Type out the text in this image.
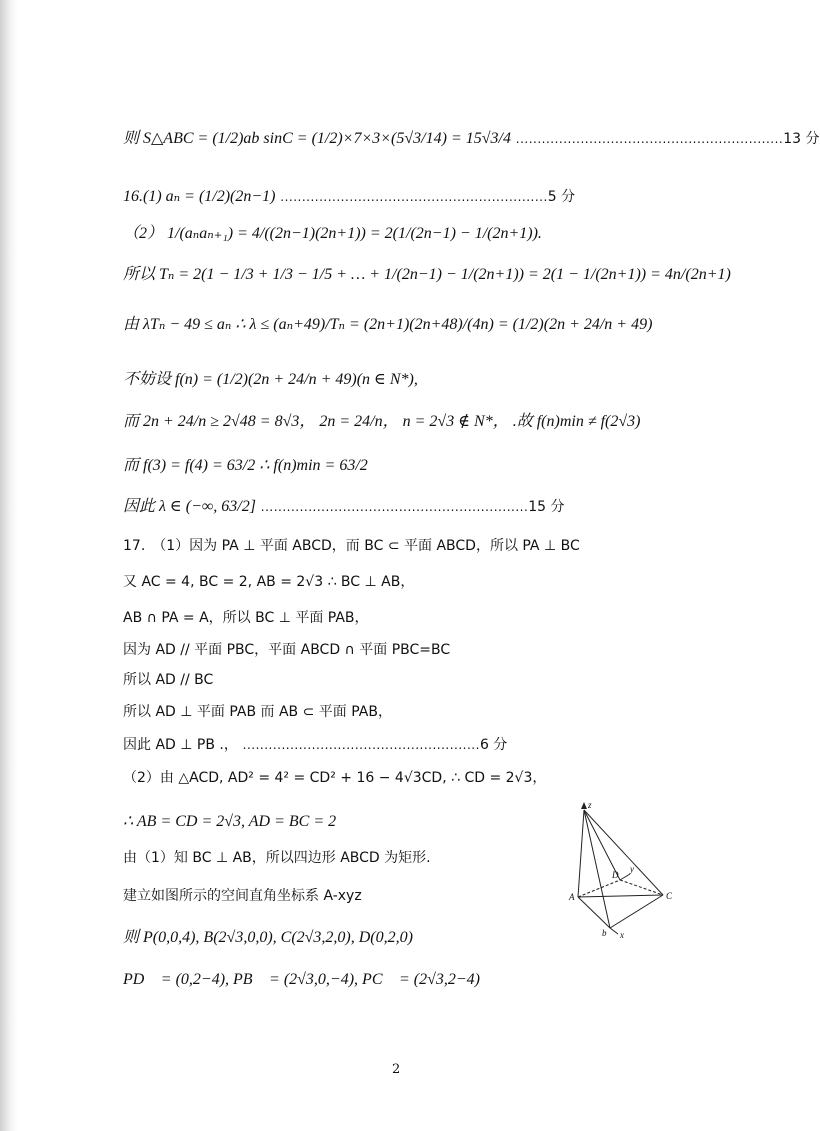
则 S△ABC = (1/2)ab sinC = (1/2)×7×3×(5√3/14) = 15√3/4 ..............................................................13 分
16.(1) aₙ = (1/2)(2n−1) ..............................................................5 分
（2） 1/(aₙaₙ₊₁) = 4/((2n−1)(2n+1)) = 2(1/(2n−1) − 1/(2n+1)).
所以 Tₙ = 2(1 − 1/3 + 1/3 − 1/5 + … + 1/(2n−1) − 1/(2n+1)) = 2(1 − 1/(2n+1)) = 4n/(2n+1)
由 λTₙ − 49 ≤ aₙ ∴ λ ≤ (aₙ+49)/Tₙ = (2n+1)(2n+48)/(4n) = (1/2)(2n + 24/n + 49)
不妨设 f(n) = (1/2)(2n + 24/n + 49)(n ∈ N*),
而 2n + 24/n ≥ 2√48 = 8√3， 2n = 24/n， n = 2√3 ∉ N*， .故 f(n)min ≠ f(2√3)
而 f(3) = f(4) = 63/2 ∴ f(n)min = 63/2
因此 λ ∈ (−∞, 63/2] ..............................................................15 分
17.　（1）因为 PA ⊥ 平面 ABCD，而 BC ⊂ 平面 ABCD，所以 PA ⊥ BC
又 AC = 4, BC = 2, AB = 2√3 ∴ BC ⊥ AB，
AB ∩ PA = A，所以 BC ⊥ 平面 PAB，
因为 AD // 平面 PBC，平面 ABCD ∩ 平面 PBC=BC
所以 AD // BC
所以 AD ⊥ 平面 PAB 而 AB ⊂ 平面 PAB，
因此 AD ⊥ PB .， .......................................................6 分
（2）由 △ACD, AD² = 4² = CD² + 16 − 4√3CD, ∴ CD = 2√3，
∴ AB = CD = 2√3, AD = BC = 2
由（1）知 BC ⊥ AB，所以四边形 ABCD 为矩形.
建立如图所示的空间直角坐标系 A-xyz
则 P(0,0,4), B(2√3,0,0), C(2√3,2,0), D(0,2,0)
PD⃗ = (0,2−4), PB⃗ = (2√3,0,−4), PC⃗ = (2√3,2−4)
z
A	C
D
y
b x
2
